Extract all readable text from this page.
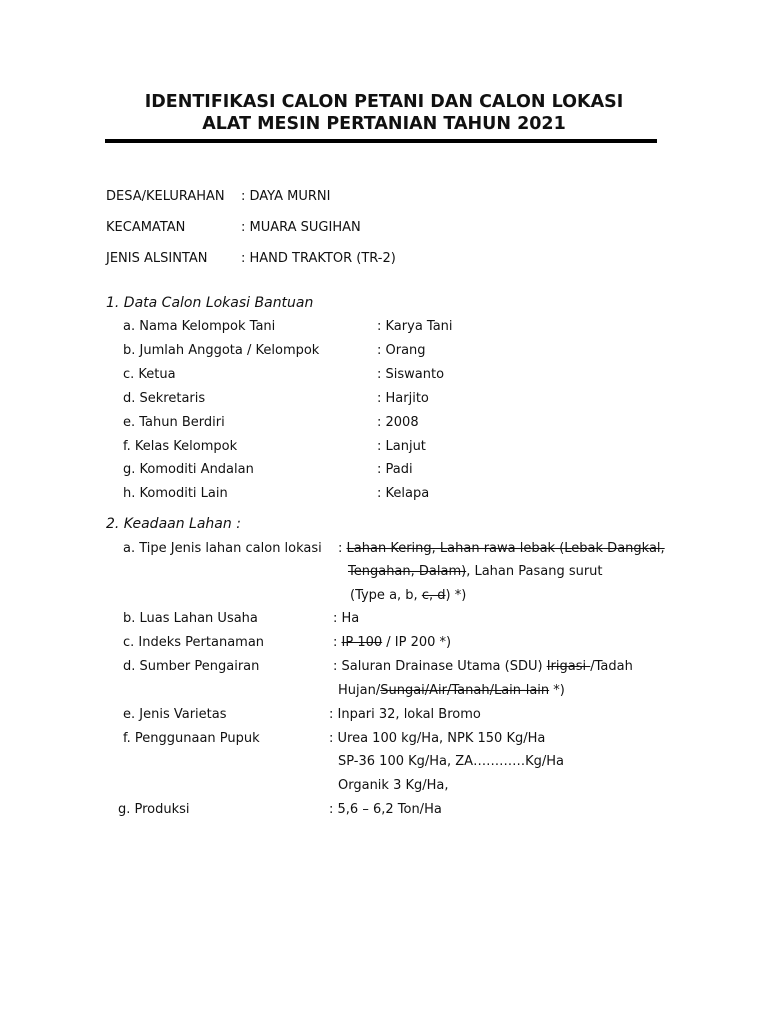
IDENTIFIKASI CALON PETANI DAN CALON LOKASI
ALAT MESIN PERTANIAN TAHUN 2021
DESA/KELURAHAN : DAYA MURNI
KECAMATAN	: MUARA SUGIHAN
JENIS ALSINTAN	: HAND TRAKTOR (TR-2)
1. Data Calon Lokasi Bantuan
a. Nama Kelompok Tani	: Karya Tani
b. Jumlah Anggota / Kelompok	: Orang
c. Ketua	: Siswanto
d. Sekretaris	: Harjito
e. Tahun Berdiri	: 2008
f. Kelas Kelompok	: Lanjut
g. Komoditi Andalan	: Padi
h. Komoditi Lain	: Kelapa
2. Keadaan Lahan :
a. Tipe Jenis lahan calon lokasi : Lahan Kering, Lahan rawa lebak (Lebak Dangkal,
Tengahan, Dalam), Lahan Pasang surut
(Type a, b, c, d) *)
b. Luas Lahan Usaha	: Ha
c. Indeks Pertanaman	: IP 100 / IP 200 *)
d. Sumber Pengairan	: Saluran Drainase Utama (SDU) Irigasi /Tadah
Hujan/Sungai/Air/Tanah/Lain-lain *)
e. Jenis Varietas	: Inpari 32, lokal Bromo
f. Penggunaan Pupuk	: Urea 100 kg/Ha, NPK 150 Kg/Ha
SP-36 100 Kg/Ha, ZA…………Kg/Ha
Organik 3 Kg/Ha,
g. Produksi	: 5,6 – 6,2 Ton/Ha
